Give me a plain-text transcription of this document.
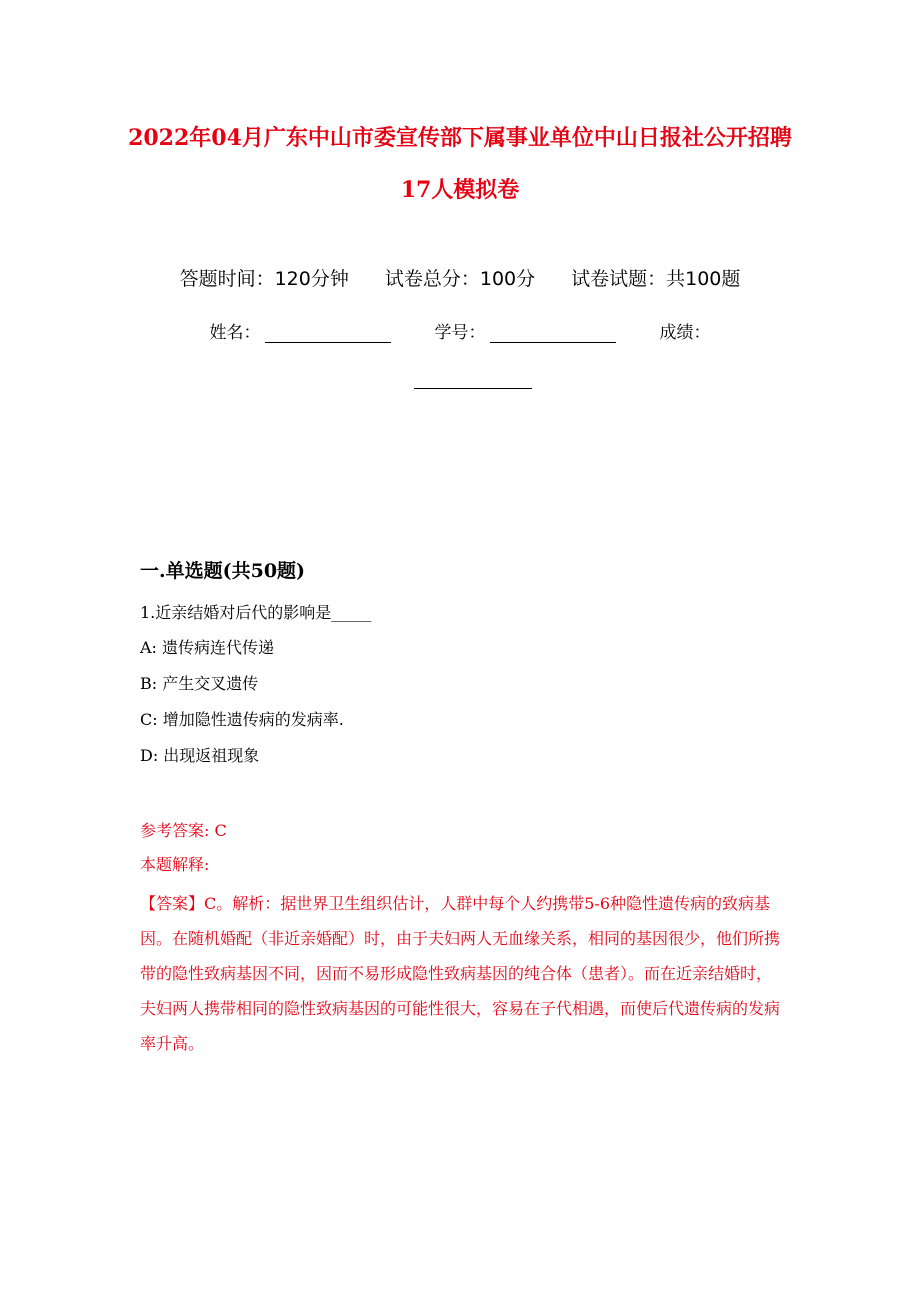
2022年04月广东中山市委宣传部下属事业单位中山日报社公开招聘17人模拟卷
答题时间：120分钟 试卷总分：100分 试卷试题：共100题
姓名：	学号：	成绩：
一.单选题(共50题)
1.近亲结婚对后代的影响是_____
A: 遗传病连代传递
B: 产生交叉遗传
C: 增加隐性遗传病的发病率.
D: 出现返祖现象
参考答案: C
本题解释:

【答案】C。解析：据世界卫生组织估计，人群中每个人约携带5-6种隐性遗传病的致病基因。在随机婚配（非近亲婚配）时，由于夫妇两人无血缘关系，相同的基因很少，他们所携带的隐性致病基因不同，因而不易形成隐性致病基因的纯合体（患者）。而在近亲结婚时，夫妇两人携带相同的隐性致病基因的可能性很大，容易在子代相遇，而使后代遗传病的发病率升高。
